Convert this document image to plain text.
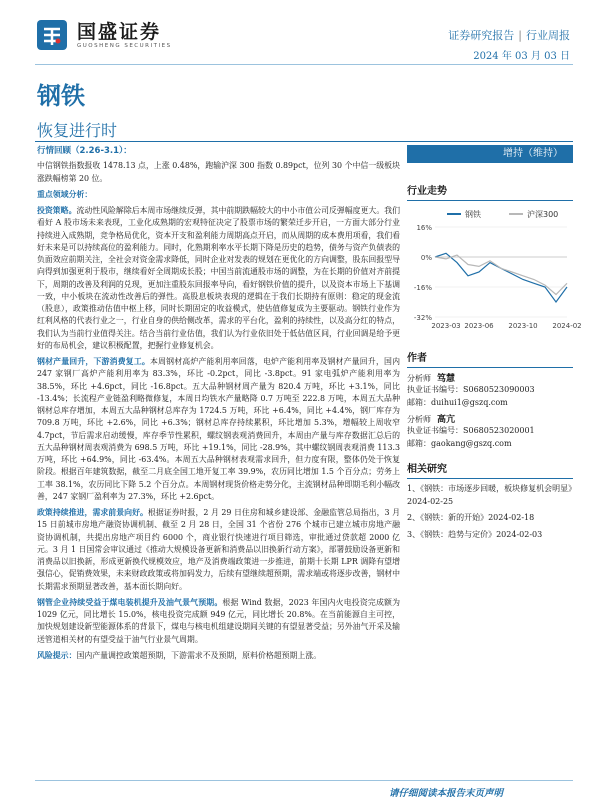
国盛证券
GUOSHENG SECURITIES
证券研究报告 | 行业周报
2024 年 03 月 03 日
钢铁
恢复进行时
行情回顾（2.26-3.1）：

中信钢铁指数报收 1478.13 点，上涨 0.48%，跑输沪深 300 指数 0.89pct，位列 30 个中信一级板块涨跌幅榜第 20 位。

重点领域分析：

投资策略。流动性风险解除后本周市场继续反弹，其中前期跌幅较大的中小市值公司反弹幅度更大。我们看好 A 股市场未来表现，工业化成熟期的宏观特征决定了股票市场的繁荣迁步开启，一方面大部分行业持续进入成熟期，竞争格局优化，资本开支和盈利能力周期高点开启，而从周期的成本费用项看，我们看好未来是可以持续高位的盈利能力。同时，化熟期利率水平长期下降是历史的趋势，债务与资产负债表的负面效应前期关注，全社会对资金需求降低，同时企业对发表的规划在更优化的方向调整，股东回报型导向得到加强更利于股市，继续看好全周期成长股；中国当前流通股市场的调整，为在长期的价值对齐前提下，周期的改善及利润的兑现，更加注重股东回报率导向，看好钢铁价值的提升，以及资本市场上下基调一致，中小板块在流动性改善后的弹性。高股息板块表现的逻辑在于我们长期持有原则：稳定的现金流（股息），政策推动估值中枢上移，同时长期固定的收益模式，使估值修复成为主要驱动。钢铁行业作为红利风格的代表行业之一，行业自身的供给侧改革，需求的平台化，盈利的持续性，以及高分红的特点，我们认为当前行业值得关注。结合当前行业估值，我们认为行业依旧处于低估值区间，行业回调是给予更好的布局机会，建议积极配置，把握行业修复机会。

钢材产量回升，下游消费复工。本周钢材高炉产能利用率回落，电炉产能利用率及钢材产量回升，国内 247 家钢厂高炉产能利用率为 83.3%，环比 -0.2pct，同比 -3.8pct。91 家电弧炉产能利用率为 38.5%，环比 +4.6pct，同比 -16.8pct。五大品种钢材周产量为 820.4 万吨，环比 +3.1%，同比 -13.4%；长流程产业链盈利略微修复，本周日均铁水产量略降 0.7 万吨至 222.8 万吨，本周五大品种钢材总库存增加，本周五大品种钢材总库存为 1724.5 万吨，环比 +6.4%，同比 +4.4%，钢厂库存为 709.8 万吨，环比 +2.6%，同比 +6.3%；钢材总库存持续累积，环比增加 5.3%，增幅较上周收窄 4.7pct，节后需求启动缓慢，库存季节性累积，螺纹钢表观消费回升，本周由产量与库存数据汇总后的五大品种钢材周表观消费为 698.5 万吨，环比 +19.1%，同比 -28.9%，其中螺纹钢周表观消费 113.3 万吨，环比 +64.9%，同比 -63.4%。本周五大品种钢材表观需求回升，但力度有限，整体仍处于恢复阶段。根据百年建筑数据，截至二月底全国工地开复工率 39.9%，农历同比增加 1.5 个百分点；劳务上工率 38.1%，农历同比下降 5.2 个百分点。本周钢材现货价格走势分化，主流钢材品种即期毛利小幅改善，247 家钢厂盈利率为 27.3%，环比 +2.6pct。

政策持续推进，需求前景向好。根据证券时报，2 月 29 日住房和城乡建设部、金融监管总局指出，3 月 15 日前城市房地产融资协调机制、截至 2 月 28 日，全国 31 个省份 276 个城市已建立城市房地产融资协调机制，共提出房地产项目约 6000 个，商业银行快速进行项目筛选，审批通过贷款超 2000 亿元。3 月 1 日国常会审议通过《推动大规模设备更新和消费品以旧换新行动方案》，部署鼓励设备更新和消费品以旧换新，形成更新换代规模效应，地产及消费端政策进一步推进，前期十长期 LPR 调降有望增强信心，促销费效果，未来财政政策或将加码发力，后续有望继续超预期，需求端或将逐步改善，钢材中长期需求预期显著改善，基本面长期向好。

钢管企业持续受益于煤电装机提升及油气景气预期。根据 Wind 数据，2023 年国内火电投资完成额为 1029 亿元，同比增长 15.0%，核电投资完成额 949 亿元，同比增长 20.8%。在当前能源自主可控，加快规划建设新型能源体系的背景下，煤电与核电机组建设期间关键的有望显著受益；另外油气开采及输送管道相关材的有望受益于油气行业景气周期。

风险提示：国内产量调控政策超预期，下游需求不及预期，原料价格超预期上涨。

增持（维持）
行业走势
钢铁	沪深300
16%
0%
-16%
-32%
2023-03 2023-06 2023-10 2024-02
作者
分析师 笃慧
执业证书编号：S0680523090003
邮箱：duihui1@gszq.com
分析师 高亢
执业证书编号：S0680523020001
邮箱：gaokang@gszq.com
相关研究
1、《钢铁：市场逐步回暖，板块修复机会明显》2024-02-25
2、《钢铁：新的开始》2024-02-18
3、《钢铁：趋势与定价》2024-02-03
请仔细阅读本报告末页声明
